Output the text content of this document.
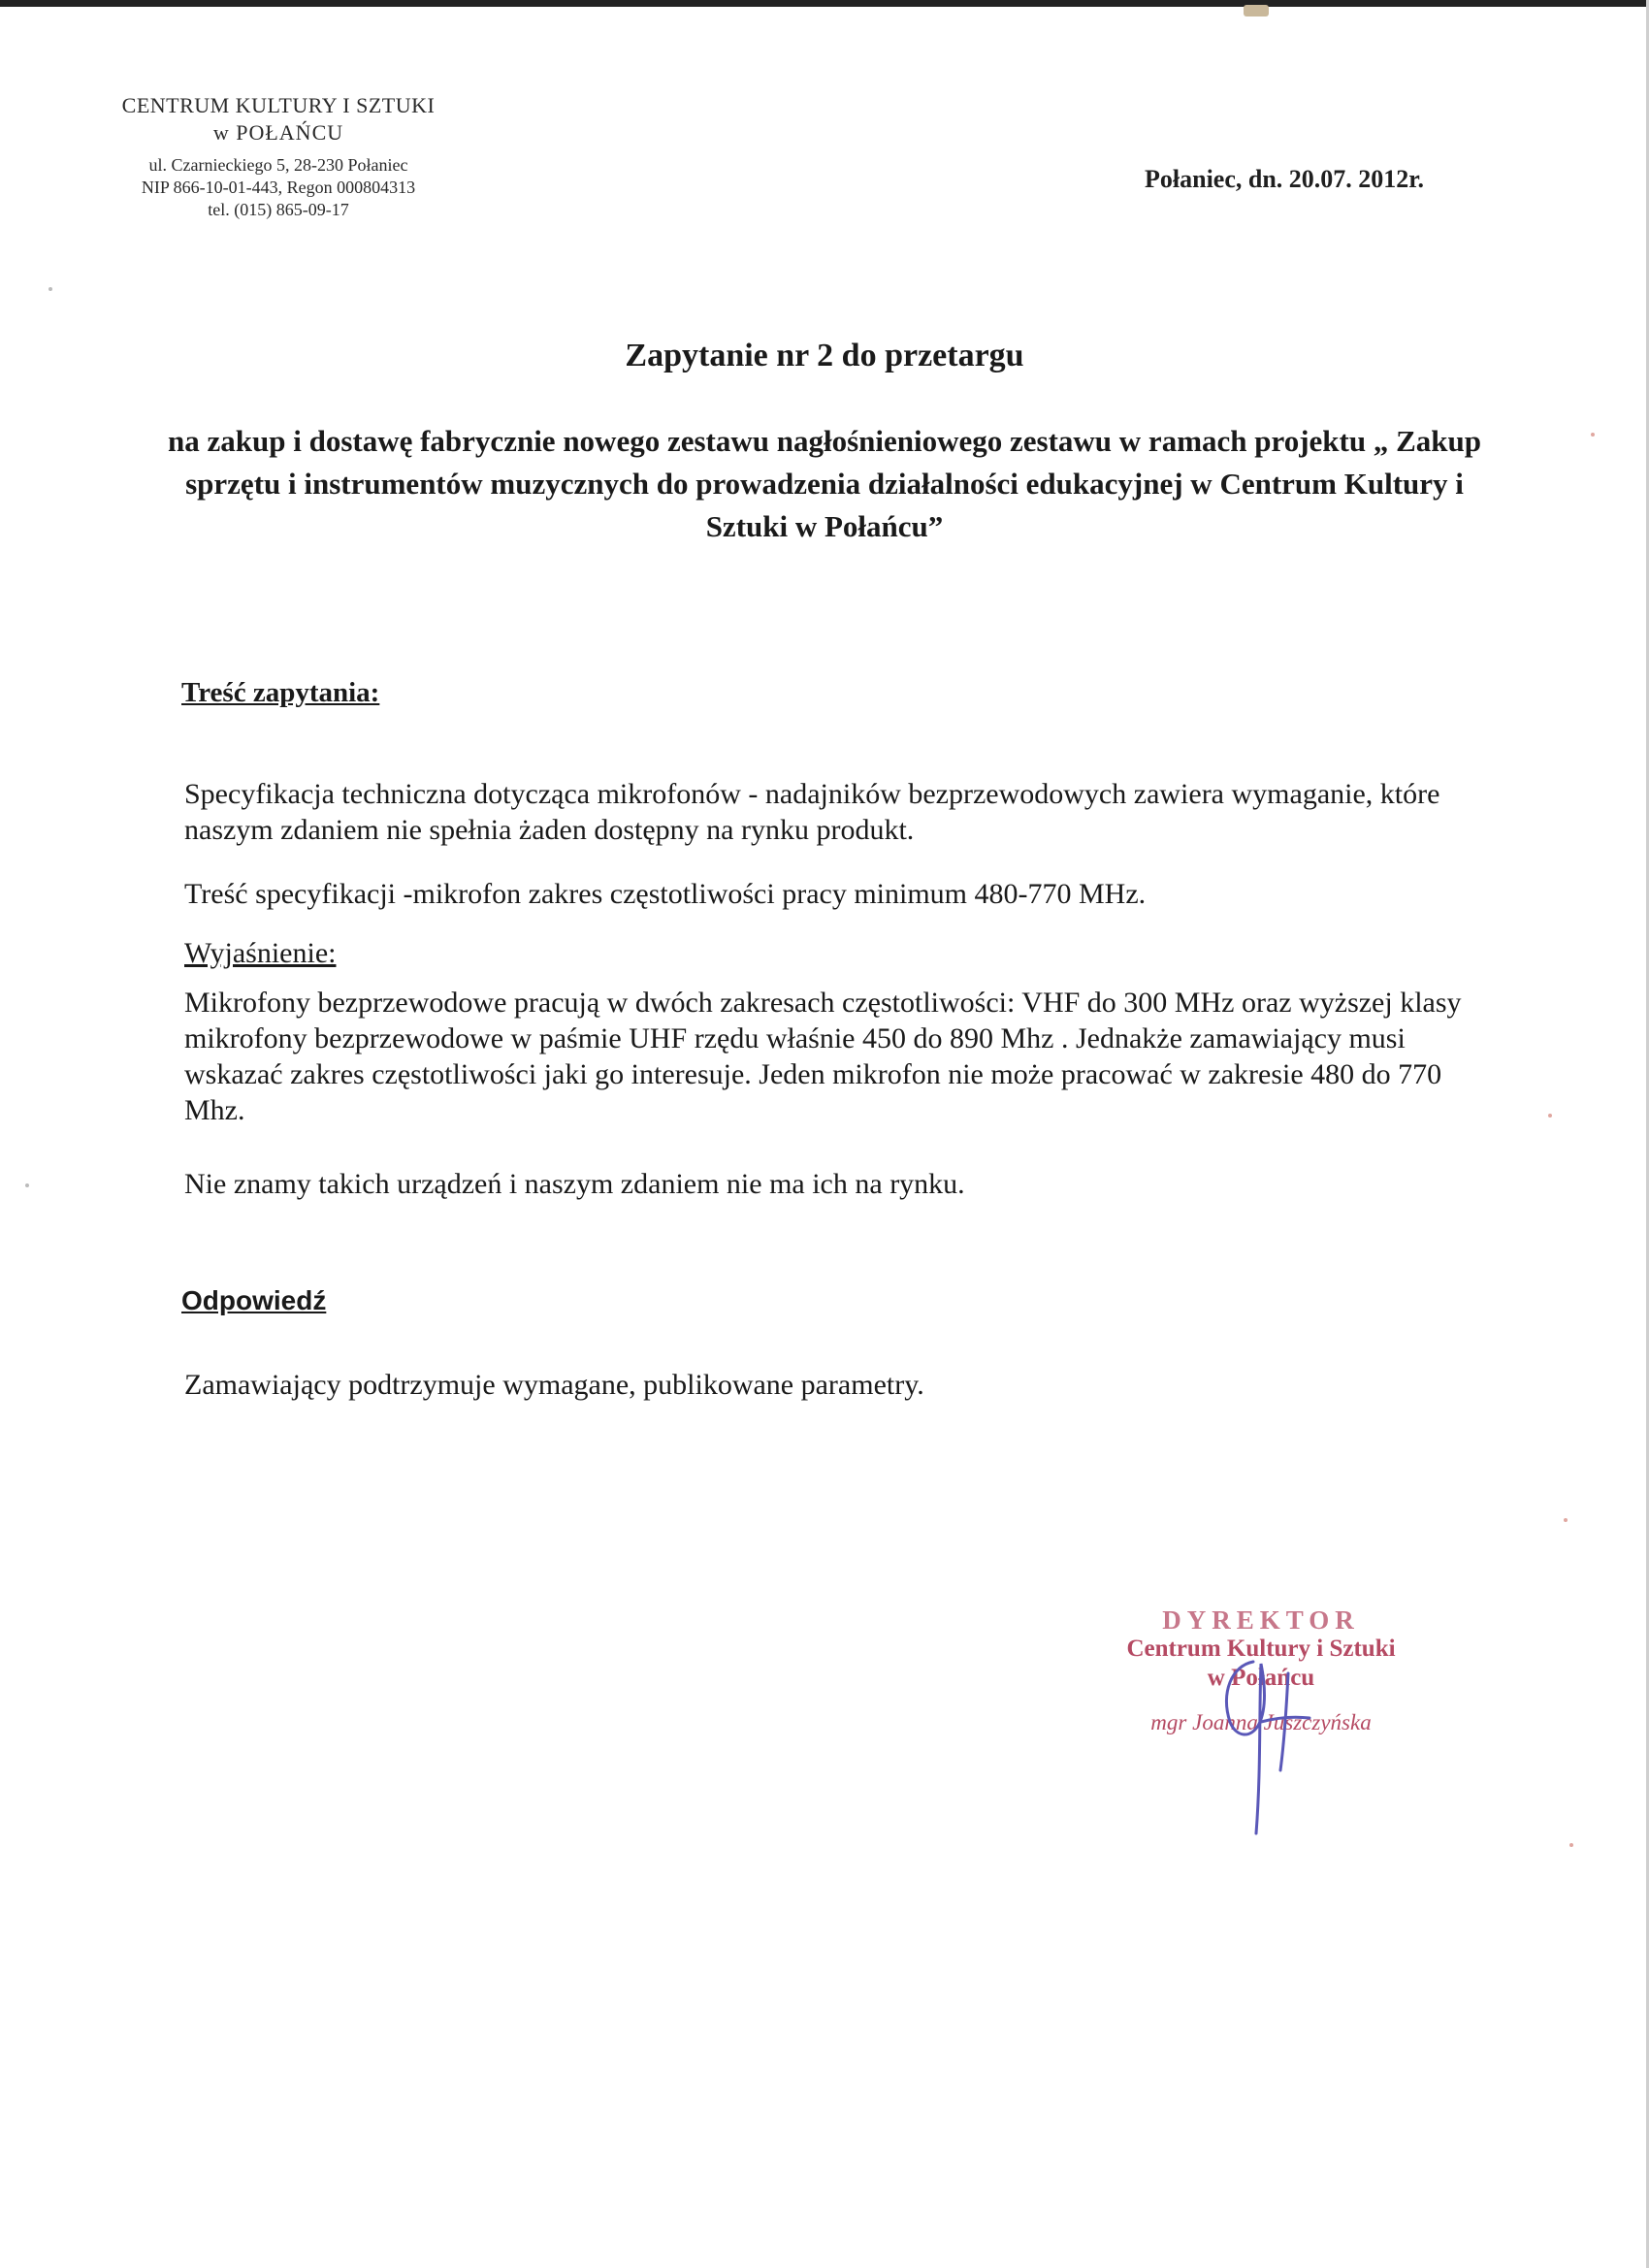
CENTRUM KULTURY I SZTUKI
w POŁAŃCU
ul. Czarnieckiego 5, 28-230 Połaniec
NIP 866-10-01-443, Regon 000804313
tel. (015) 865-09-17
Połaniec, dn. 20.07. 2012r.
Zapytanie nr 2 do przetargu
na zakup i dostawę fabrycznie nowego zestawu nagłośnieniowego zestawu w ramach projektu „ Zakup sprzętu i instrumentów muzycznych do prowadzenia działalności edukacyjnej w Centrum Kultury i Sztuki w Połańcu”
Treść zapytania:

Specyfikacja techniczna dotycząca mikrofonów - nadajników bezprzewodowych zawiera wymaganie, które naszym zdaniem nie spełnia żaden dostępny na rynku produkt.

Treść specyfikacji -mikrofon zakres częstotliwości pracy minimum 480-770 MHz.

Wyjaśnienie:

Mikrofony bezprzewodowe pracują w dwóch zakresach częstotliwości: VHF do 300 MHz oraz wyższej klasy mikrofony bezprzewodowe w paśmie UHF rzędu właśnie 450 do 890 Mhz . Jednakże zamawiający musi wskazać zakres częstotliwości jaki go interesuje. Jeden mikrofon nie może pracować w zakresie 480 do 770 Mhz.

Nie znamy takich urządzeń i naszym zdaniem nie ma ich na rynku.

Odpowiedź

Zamawiający podtrzymuje wymagane, publikowane parametry.

DYREKTOR
Centrum Kultury i Sztuki
w Połańcu
mgr Joanna Juszczyńska
